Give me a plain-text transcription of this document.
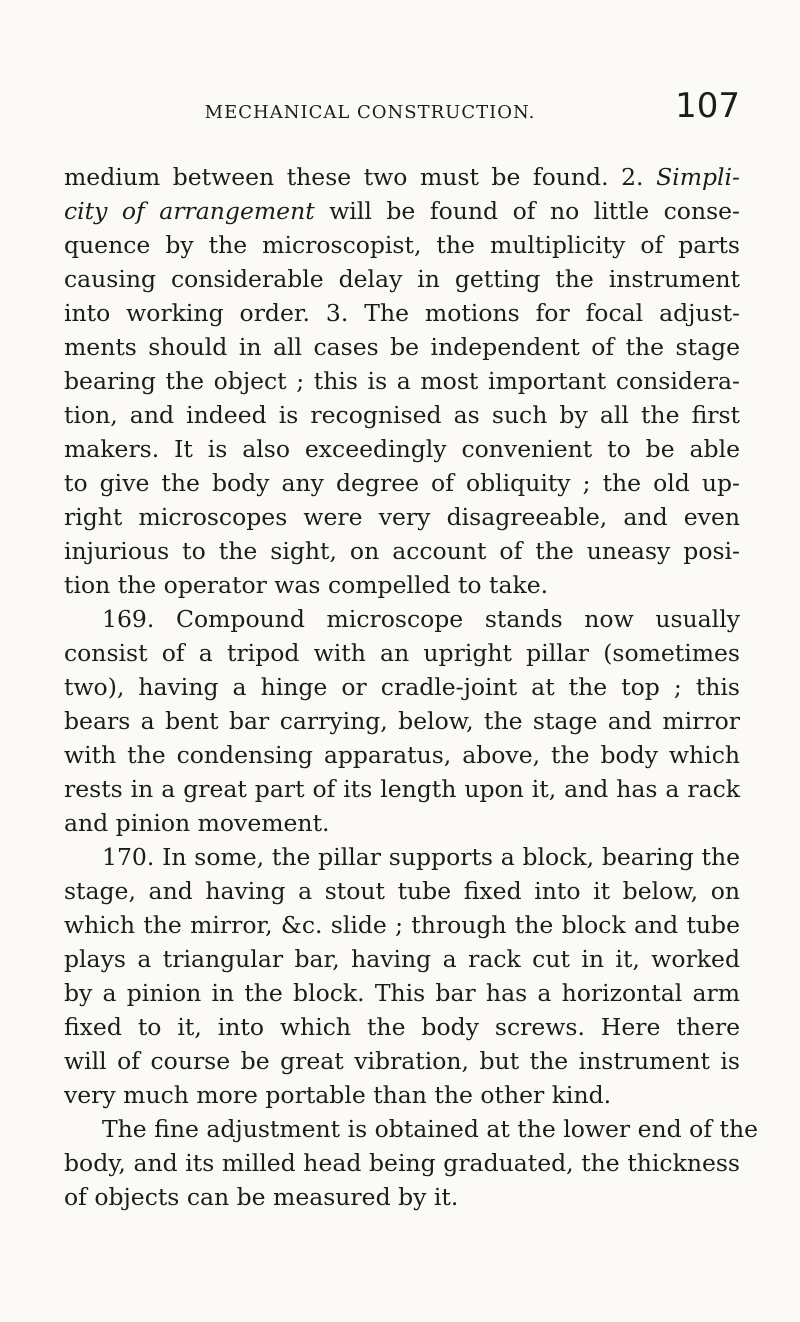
MECHANICAL CONSTRUCTION.	107
medium between these two must be found. 2. Simpli-
city of arrangement will be found of no little conse-
quence by the microscopist, the multiplicity of parts
causing considerable delay in getting the instrument
into working order. 3. The motions for focal adjust-
ments should in all cases be independent of the stage
bearing the object ; this is a most important considera-
tion, and indeed is recognised as such by all the first
makers. It is also exceedingly convenient to be able
to give the body any degree of obliquity ; the old up-
right microscopes were very disagreeable, and even
injurious to the sight, on account of the uneasy posi-
tion the operator was compelled to take.
169. Compound microscope stands now usually
consist of a tripod with an upright pillar (sometimes
two), having a hinge or cradle-joint at the top ; this
bears a bent bar carrying, below, the stage and mirror
with the condensing apparatus, above, the body which
rests in a great part of its length upon it, and has a rack
and pinion movement.
170. In some, the pillar supports a block, bearing the
stage, and having a stout tube fixed into it below, on
which the mirror, &c. slide ; through the block and tube
plays a triangular bar, having a rack cut in it, worked
by a pinion in the block. This bar has a horizontal arm
fixed to it, into which the body screws. Here there
will of course be great vibration, but the instrument is
very much more portable than the other kind.
The fine adjustment is obtained at the lower end of the
body, and its milled head being graduated, the thickness
of objects can be measured by it.
